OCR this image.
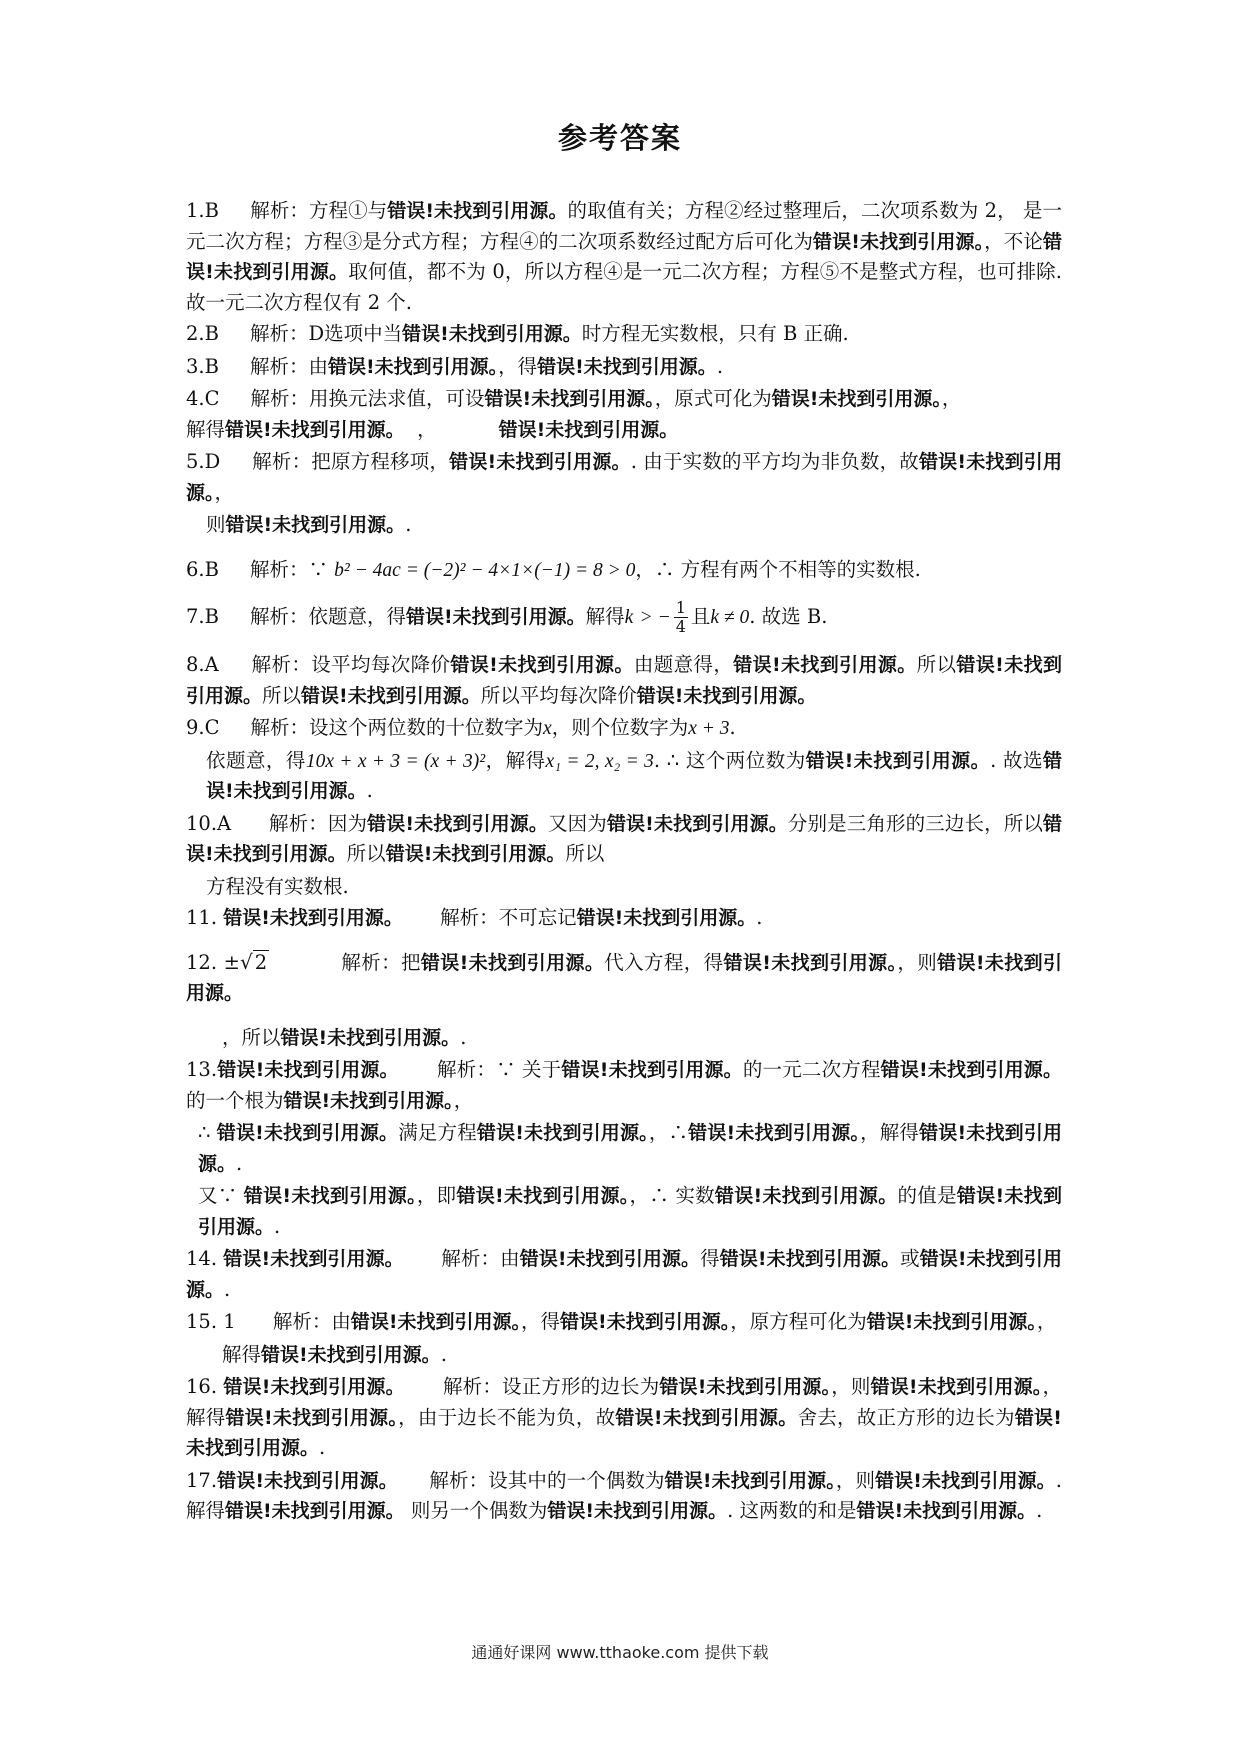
参考答案
1.B 解析：方程①与错误!未找到引用源。的取值有关；方程②经过整理后，二次项系数为 2， 是一元二次方程；方程③是分式方程；方程④的二次项系数经过配方后可化为错误!未找到引用源。，不论错误!未找到引用源。取何值，都不为 0，所以方程④是一元二次方程；方程⑤不是整式方程，也可排除.故一元二次方程仅有 2 个.
2.B 解析：D选项中当错误!未找到引用源。时方程无实数根，只有 B 正确.
3.B 解析：由错误!未找到引用源。，得错误!未找到引用源。.
4.C 解析：用换元法求值，可设错误!未找到引用源。，原式可化为错误!未找到引用源。，
解得错误!未找到引用源。 ，	错误!未找到引用源。
5.D 解析：把原方程移项，错误!未找到引用源。. 由于实数的平方均为非负数，故错误!未找到引用源。，
则错误!未找到引用源。.
6.B 解析：∵ b² − 4ac = (−2)² − 4×1×(−1) = 8 > 0，∴ 方程有两个不相等的实数根.
7.B 解析：依题意，得错误!未找到引用源。解得k > − $\frac{1}{4}$ 且k ≠ 0. 故选 B.
8.A 解析：设平均每次降价错误!未找到引用源。由题意得，错误!未找到引用源。所以错误!未找到引用源。所以错误!未找到引用源。所以平均每次降价错误!未找到引用源。
9.C 解析：设这个两位数的十位数字为x，则个位数字为x + 3.
依题意，得10x + x + 3 = (x + 3)²，解得x₁ = 2, x₂ = 3. ∴ 这个两位数为错误!未找到引用源。. 故选错误!未找到引用源。.
10.A 解析：因为错误!未找到引用源。又因为错误!未找到引用源。分别是三角形的三边长，所以错误!未找到引用源。所以错误!未找到引用源。所以
方程没有实数根.
11. 错误!未找到引用源。 解析：不可忘记错误!未找到引用源。.
12. ±√ 2	解析：把错误!未找到引用源。代入方程，得错误!未找到引用源。，则错误!未找到引用源。
，所以错误!未找到引用源。.
13.错误!未找到引用源。 解析：∵ 关于错误!未找到引用源。的一元二次方程错误!未找到引用源。的一个根为错误!未找到引用源。，
∴ 错误!未找到引用源。满足方程错误!未找到引用源。，∴错误!未找到引用源。，解得错误!未找到引用源。.
又∵ 错误!未找到引用源。，即错误!未找到引用源。，∴ 实数错误!未找到引用源。的值是错误!未找到引用源。.
14. 错误!未找到引用源。 解析：由错误!未找到引用源。得错误!未找到引用源。或错误!未找到引用源。.
15. 1 解析：由错误!未找到引用源。，得错误!未找到引用源。，原方程可化为错误!未找到引用源。，
解得错误!未找到引用源。.
16. 错误!未找到引用源。 解析：设正方形的边长为错误!未找到引用源。，则错误!未找到引用源。，解得错误!未找到引用源。，由于边长不能为负，故错误!未找到引用源。舍去，故正方形的边长为错误!未找到引用源。.
17.错误!未找到引用源。 解析：设其中的一个偶数为错误!未找到引用源。，则错误!未找到引用源。. 解得错误!未找到引用源。 则另一个偶数为错误!未找到引用源。. 这两数的和是错误!未找到引用源。.
通通好课网 www.tthaoke.com 提供下载
